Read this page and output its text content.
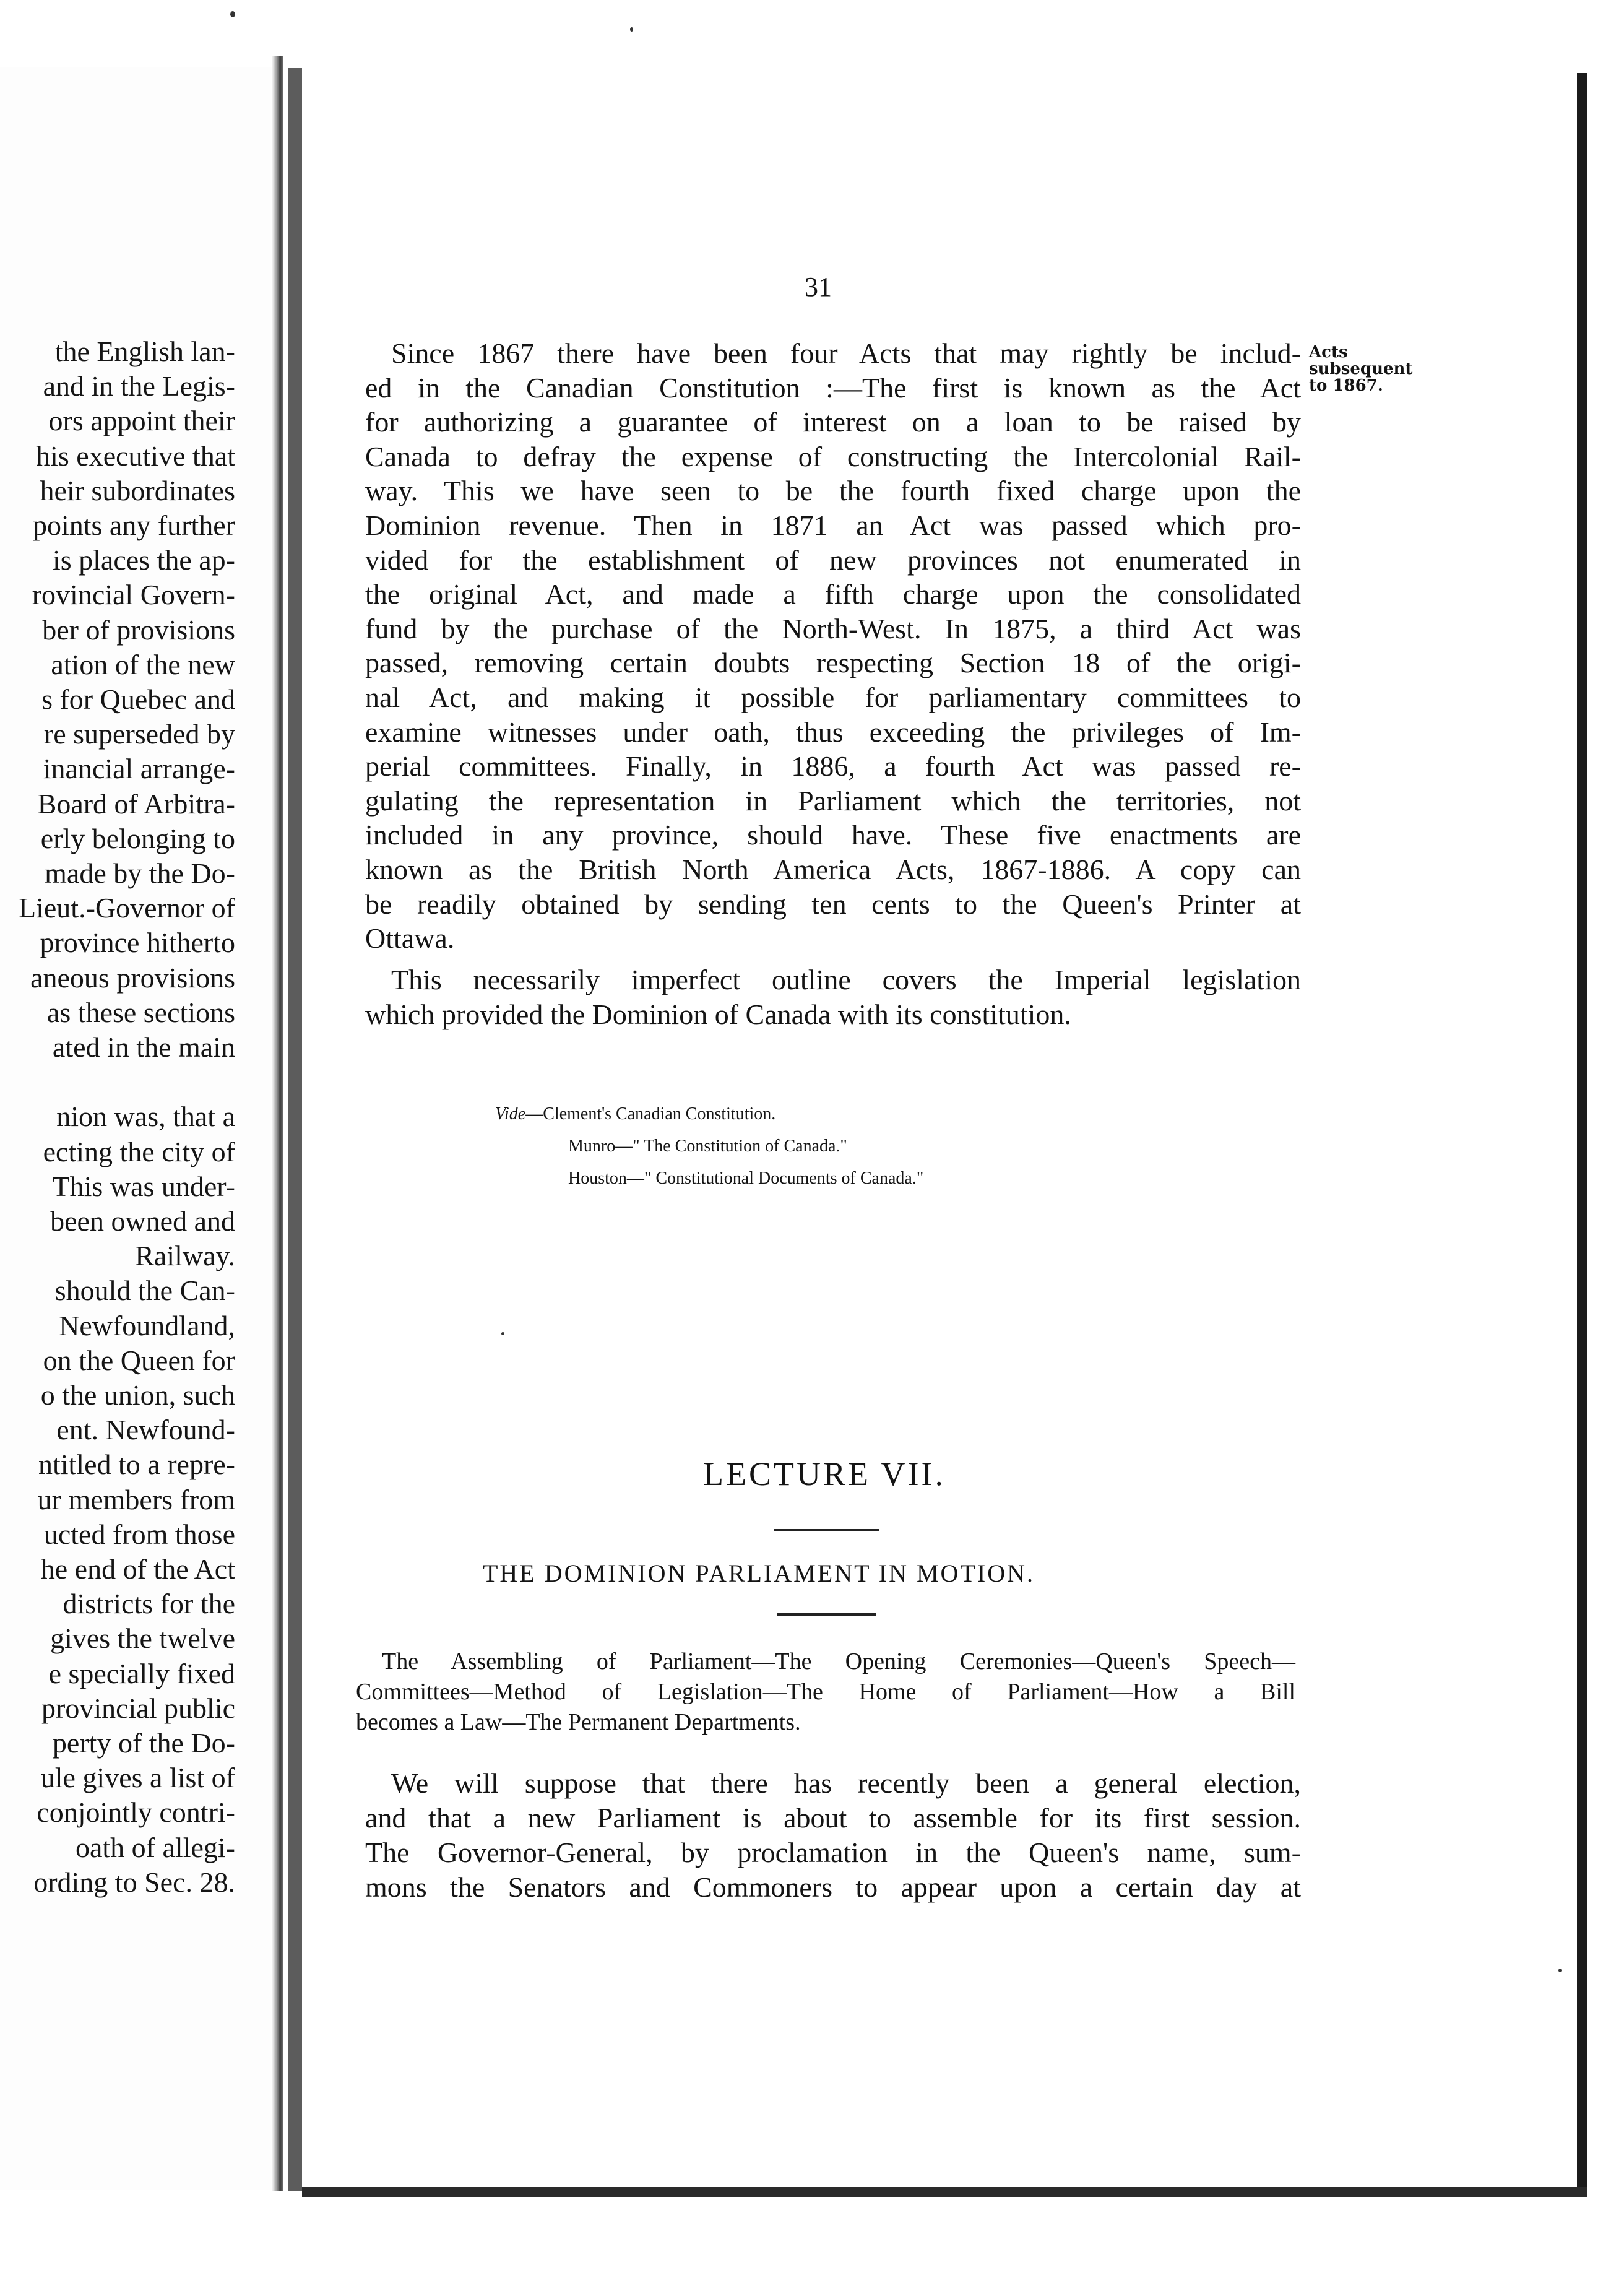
the English lan-
and in the Legis-
ors appoint their
his executive that
heir subordinates
points any further
is places the ap-
rovincial Govern-
ber of provisions
ation of the new
s for Quebec and
re superseded by
inancial arrange-
Board of Arbitra-
erly belonging to
made by the Do-
Lieut.-Governor of
province hitherto
aneous provisions
as these sections
ated in the main
nion was, that a
ecting the city of
This was under-
been owned and
Railway.
should the Can-
Newfoundland,
on the Queen for
o the union, such
ent. Newfound-
ntitled to a repre-
ur members from
ucted from those
he end of the Act
districts for the
gives the twelve
e specially fixed
provincial public
perty of the Do-
ule gives a list of
conjointly contri-
oath of allegi-
ording to Sec. 28.
31
Acts
subsequent
to 1867.
Since 1867 there have been four Acts that may rightly be includ-
ed in the Canadian Constitution :—The first is known as the Act
for authorizing a guarantee of interest on a loan to be raised by
Canada to defray the expense of constructing the Intercolonial Rail-
way. This we have seen to be the fourth fixed charge upon the
Dominion revenue. Then in 1871 an Act was passed which pro-
vided for the establishment of new provinces not enumerated in
the original Act, and made a fifth charge upon the consolidated
fund by the purchase of the North-West. In 1875, a third Act was
passed, removing certain doubts respecting Section 18 of the origi-
nal Act, and making it possible for parliamentary committees to
examine witnesses under oath, thus exceeding the privileges of Im-
perial committees. Finally, in 1886, a fourth Act was passed re-
gulating the representation in Parliament which the territories, not
included in any province, should have. These five enactments are
known as the British North America Acts, 1867-1886. A copy can
be readily obtained by sending ten cents to the Queen's Printer at
Ottawa.
This necessarily imperfect outline covers the Imperial legislation
which provided the Dominion of Canada with its constitution.
Vide—Clement's Canadian Constitution.
Munro—" The Constitution of Canada."
Houston—" Constitutional Documents of Canada."
LECTURE VII.
THE DOMINION PARLIAMENT IN MOTION.
The Assembling of Parliament—The Opening Ceremonies—Queen's Speech—
Committees—Method of Legislation—The Home of Parliament—How a Bill
becomes a Law—The Permanent Departments.
We will suppose that there has recently been a general election,
and that a new Parliament is about to assemble for its first session.
The Governor-General, by proclamation in the Queen's name, sum-
mons the Senators and Commoners to appear upon a certain day at
